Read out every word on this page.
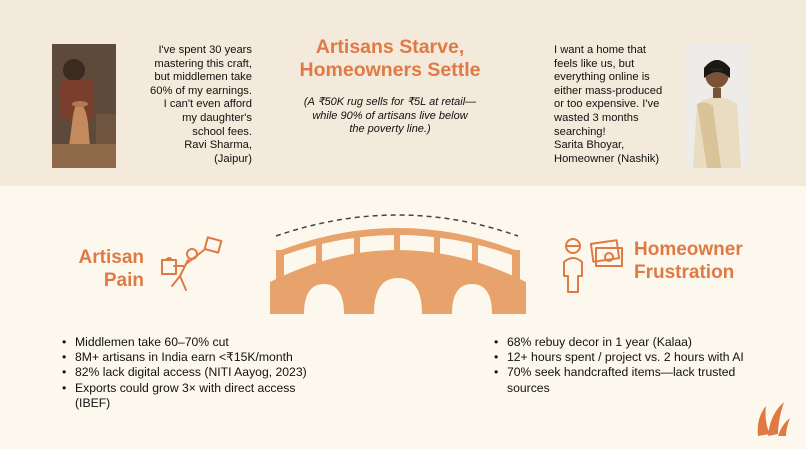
I've spent 30 years
mastering this craft,
but middlemen take
60% of my earnings.
I can't even afford
my daughter's
school fees.
Ravi Sharma,
(Jaipur)
Artisans Starve,
Homeowners Settle
(A ₹50K rug sells for ₹5L at retail—
while 90% of artisans live below
the poverty line.)
I want a home that
feels like us, but
everything online is
either mass-produced
or too expensive. I've
wasted 3 months
searching!
Sarita Bhoyar,
Homeowner (Nashik)
Artisan
Pain
Homeowner
Frustration
• Middlemen take 60–70% cut
• 8M+ artisans in India earn <₹15K/month
• 82% lack digital access (NITI Aayog, 2023)
• Exports could grow 3× with direct access (IBEF)
• 68% rebuy decor in 1 year (Kalaa)
• 12+ hours spent / project vs. 2 hours with AI
• 70% seek handcrafted items—lack trusted sources
